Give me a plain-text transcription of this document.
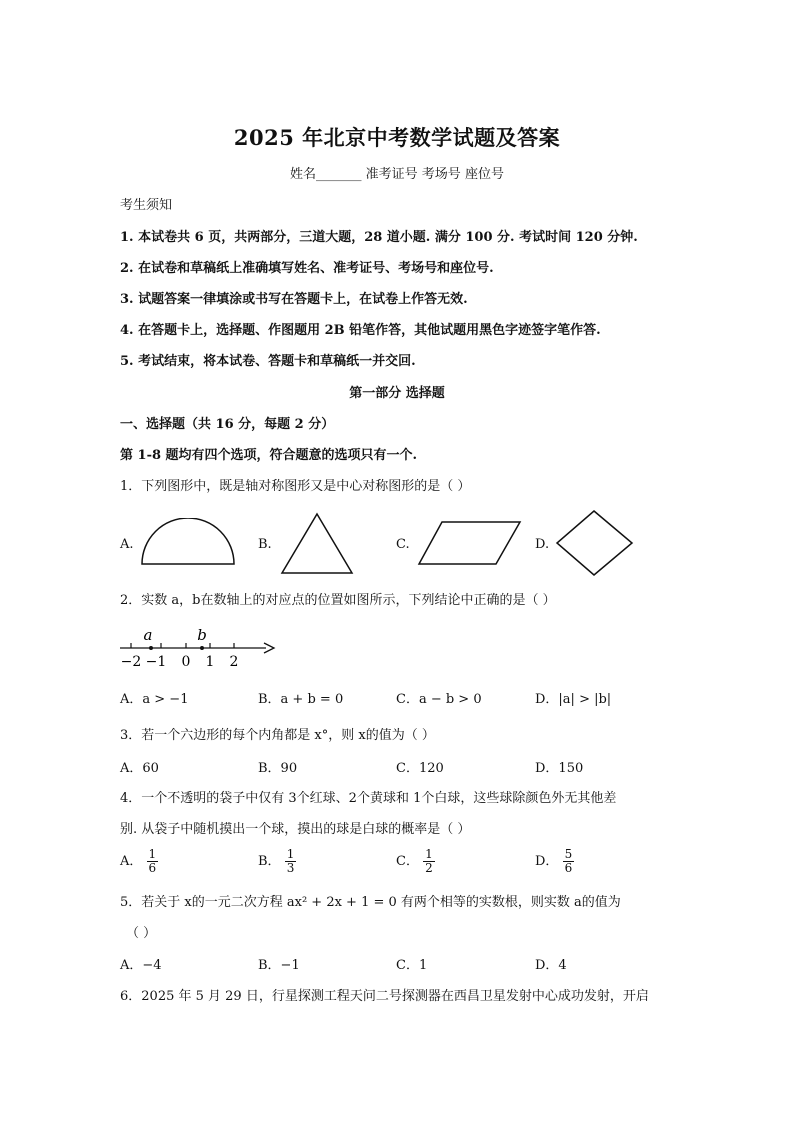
2025 年北京中考数学试题及答案
姓名_______ 准考证号 考场号 座位号
考生须知
1. 本试卷共 6 页，共两部分，三道大题，28 道小题. 满分 100 分. 考试时间 120 分钟.
2. 在试卷和草稿纸上准确填写姓名、准考证号、考场号和座位号.
3. 试题答案一律填涂或书写在答题卡上，在试卷上作答无效.
4. 在答题卡上，选择题、作图题用 2B 铅笔作答，其他试题用黑色字迹签字笔作答.
5. 考试结束，将本试卷、答题卡和草稿纸一并交回.
第一部分 选择题
一、选择题（共 16 分，每题 2 分）
第 1-8 题均有四个选项，符合题意的选项只有一个.
1．下列图形中，既是轴对称图形又是中心对称图形的是（ ）
A.	B.	C.	D.
2．实数 a，b在数轴上的对应点的位置如图所示，下列结论中正确的是（ ）
a	b
−2 −1 0 1 2
A．a > −1	B．a + b = 0	C．a − b > 0	D．|a| > |b|
3．若一个六边形的每个内角都是 x°，则 x的值为（ ）
A．60	B．90	C．120	D．150
4．一个不透明的袋子中仅有 3个红球、2个黄球和 1个白球，这些球除颜色外无其他差
别. 从袋子中随机摸出一个球，摸出的球是白球的概率是（ ）
A． $\frac{1}{6}$	B． $\frac{1}{3}$	C． $\frac{1}{2}$	D． $\frac{5}{6}$
5．若关于 x的一元二次方程 ax² + 2x + 1 = 0 有两个相等的实数根，则实数 a的值为
（ ）
A．−4	B．−1	C．1	D．4
6．2025 年 5 月 29 日，行星探测工程天问二号探测器在西昌卫星发射中心成功发射，开启
